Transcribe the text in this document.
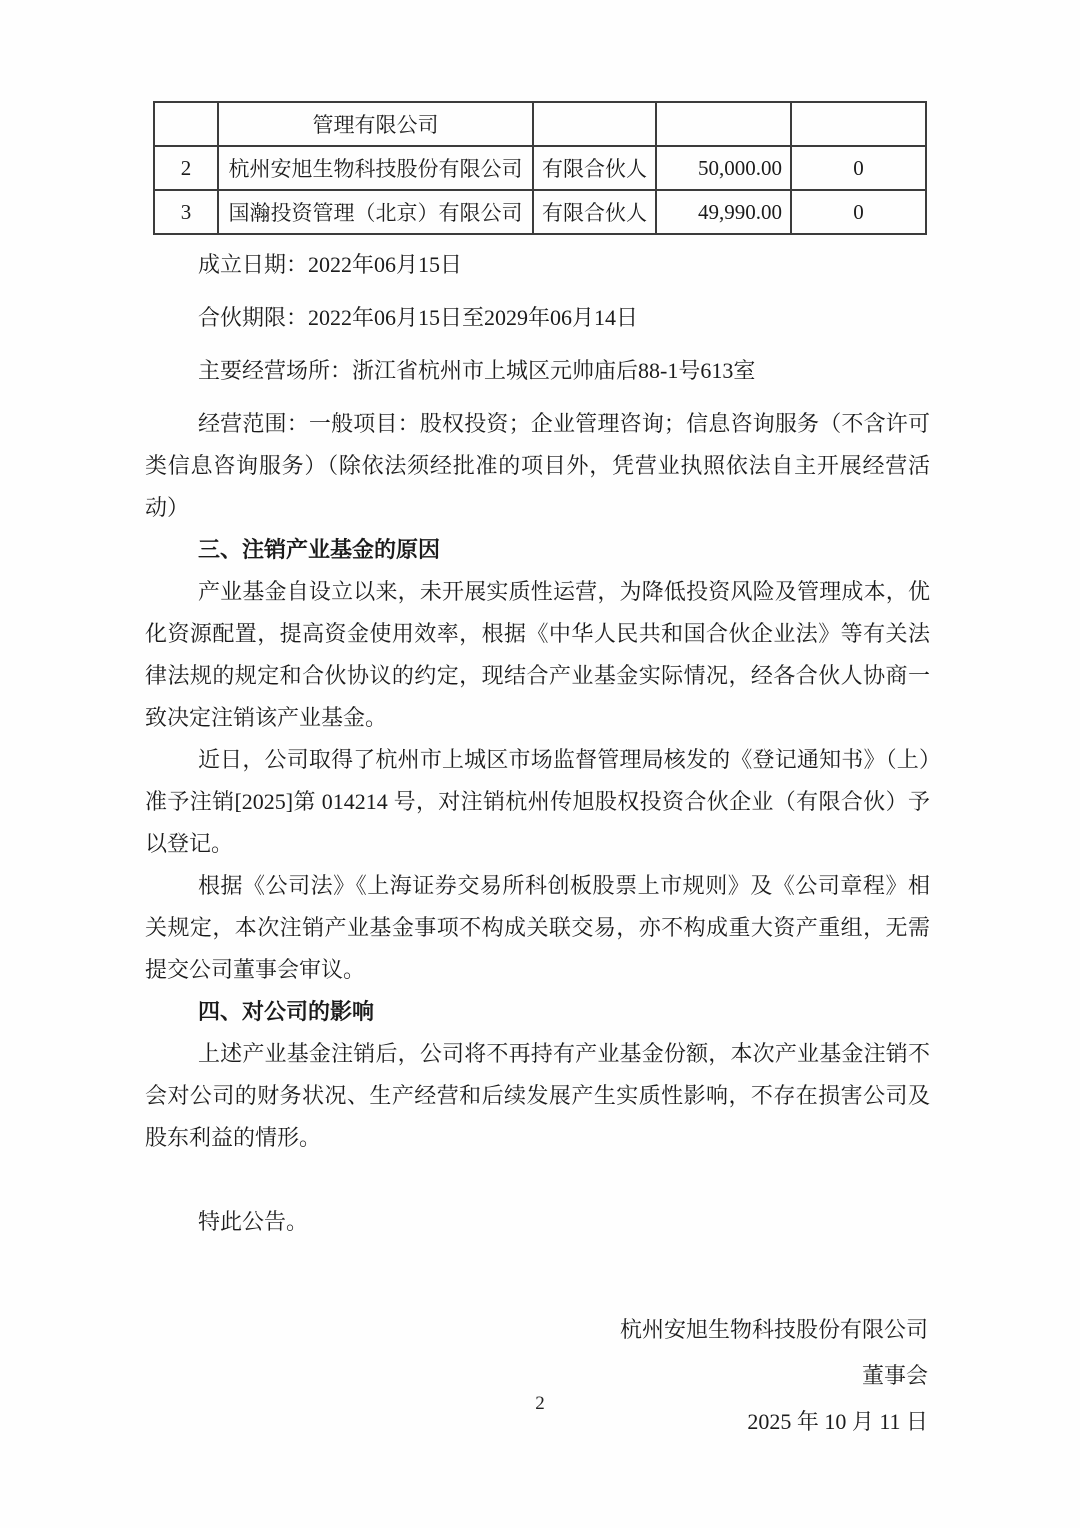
	管理有限公司			
2	杭州安旭生物科技股份有限公司	有限合伙人	50,000.00	0
3	国瀚投资管理（北京）有限公司	有限合伙人	49,990.00	0

成立日期：2022年06月15日

合伙期限：2022年06月15日至2029年06月14日

主要经营场所：浙江省杭州市上城区元帅庙后88-1号613室

经营范围：一般项目：股权投资；企业管理咨询；信息咨询服务（不含许可类信息咨询服务）（除依法须经批准的项目外，凭营业执照依法自主开展经营活动）

三、注销产业基金的原因

产业基金自设立以来，未开展实质性运营，为降低投资风险及管理成本，优化资源配置，提高资金使用效率，根据《中华人民共和国合伙企业法》等有关法律法规的规定和合伙协议的约定，现结合产业基金实际情况，经各合伙人协商一致决定注销该产业基金。

近日，公司取得了杭州市上城区市场监督管理局核发的《登记通知书》（上）准予注销[2025]第 014214 号，对注销杭州传旭股权投资合伙企业（有限合伙）予以登记。

根据《公司法》《上海证券交易所科创板股票上市规则》及《公司章程》相关规定，本次注销产业基金事项不构成关联交易，亦不构成重大资产重组，无需提交公司董事会审议。

四、对公司的影响

上述产业基金注销后，公司将不再持有产业基金份额，本次产业基金注销不会对公司的财务状况、生产经营和后续发展产生实质性影响，不存在损害公司及股东利益的情形。

特此公告。

杭州安旭生物科技股份有限公司

董事会

2025 年 10 月 11 日

2
